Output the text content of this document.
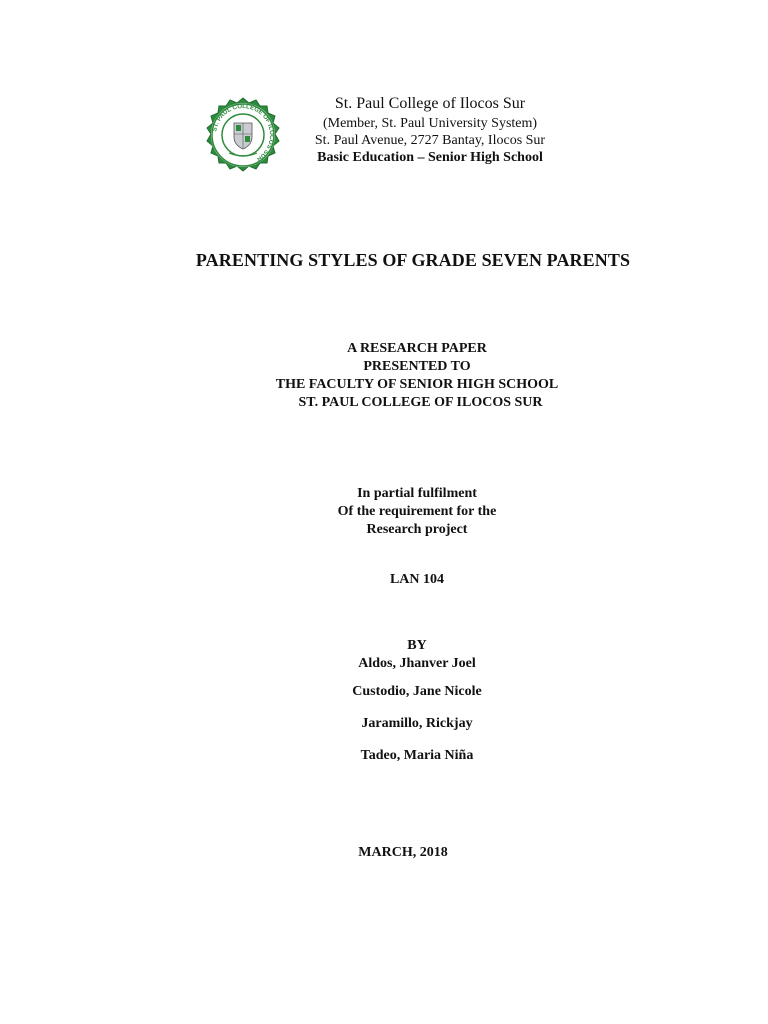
ST. PAUL COLLEGE OF ILOCOS SUR
St. Paul College of Ilocos Sur
(Member, St. Paul University System)
St. Paul Avenue, 2727 Bantay, Ilocos Sur
Basic Education – Senior High School
PARENTING STYLES OF GRADE SEVEN PARENTS
A RESEARCH PAPER
PRESENTED TO
THE FACULTY OF SENIOR HIGH SCHOOL
ST. PAUL COLLEGE OF ILOCOS SUR
In partial fulfilment
Of the requirement for the
Research project
LAN 104
BY
Aldos, Jhanver Joel
Custodio, Jane Nicole
Jaramillo, Rickjay
Tadeo, Maria Niña
MARCH, 2018
